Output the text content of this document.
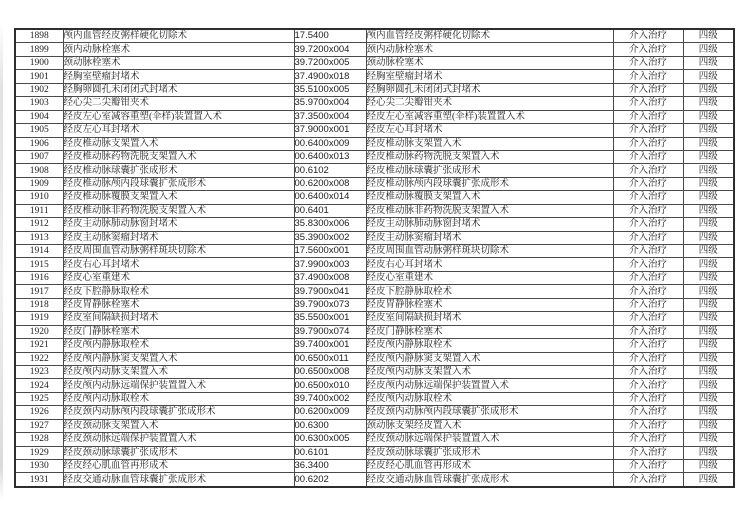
1898	颅内血管经皮粥样硬化切除术	17.5400	颅内血管经皮粥样硬化切除术	介入治疗	四级
1899	颈内动脉栓塞术	39.7200x004	颈内动脉栓塞术	介入治疗	四级
1900	颈动脉栓塞术	39.7200x005	颈动脉栓塞术	介入治疗	四级
1901	经胸室壁瘤封堵术	37.4900x018	经胸室壁瘤封堵术	介入治疗	四级
1902	经胸卵圆孔未闭闭式封堵术	35.5100x005	经胸卵圆孔未闭闭式封堵术	介入治疗	四级
1903	经心尖二尖瓣钳夹术	35.9700x004	经心尖二尖瓣钳夹术	介入治疗	四级
1904	经皮左心室减容重塑(伞样)装置置入术	37.3500x004	经皮左心室减容重塑(伞样)装置置入术	介入治疗	四级
1905	经皮左心耳封堵术	37.9000x001	经皮左心耳封堵术	介入治疗	四级
1906	经皮椎动脉支架置入术	00.6400x009	经皮椎动脉支架置入术	介入治疗	四级
1907	经皮椎动脉药物洗脱支架置入术	00.6400x013	经皮椎动脉药物洗脱支架置入术	介入治疗	四级
1908	经皮椎动脉球囊扩张成形术	00.6102	经皮椎动脉球囊扩张成形术	介入治疗	四级
1909	经皮椎动脉颅内段球囊扩张成形术	00.6200x008	经皮椎动脉颅内段球囊扩张成形术	介入治疗	四级
1910	经皮椎动脉覆膜支架置入术	00.6400x014	经皮椎动脉覆膜支架置入术	介入治疗	四级
1911	经皮椎动脉非药物洗脱支架置入术	00.6401	经皮椎动脉非药物洗脱支架置入术	介入治疗	四级
1912	经皮主动脉肺动脉窗封堵术	35.8300x006	经皮主动脉肺动脉窗封堵术	介入治疗	四级
1913	经皮主动脉窦瘤封堵术	35.3900x002	经皮主动脉窦瘤封堵术	介入治疗	四级
1914	经皮周围血管动脉粥样斑块切除术	17.5600x001	经皮周围血管动脉粥样斑块切除术	介入治疗	四级
1915	经皮右心耳封堵术	37.9900x003	经皮右心耳封堵术	介入治疗	四级
1916	经皮心室重建术	37.4900x008	经皮心室重建术	介入治疗	四级
1917	经皮下腔静脉取栓术	39.7900x041	经皮下腔静脉取栓术	介入治疗	四级
1918	经皮胃静脉栓塞术	39.7900x073	经皮胃静脉栓塞术	介入治疗	四级
1919	经皮室间隔缺损封堵术	35.5500x001	经皮室间隔缺损封堵术	介入治疗	四级
1920	经皮门静脉栓塞术	39.7900x074	经皮门静脉栓塞术	介入治疗	四级
1921	经皮颅内静脉取栓术	39.7400x001	经皮颅内静脉取栓术	介入治疗	四级
1922	经皮颅内静脉窦支架置入术	00.6500x011	经皮颅内静脉窦支架置入术	介入治疗	四级
1923	经皮颅内动脉支架置入术	00.6500x008	经皮颅内动脉支架置入术	介入治疗	四级
1924	经皮颅内动脉远端保护装置置入术	00.6500x010	经皮颅内动脉远端保护装置置入术	介入治疗	四级
1925	经皮颅内动脉取栓术	39.7400x002	经皮颅内动脉取栓术	介入治疗	四级
1926	经皮颈内动脉颅内段球囊扩张成形术	00.6200x009	经皮颈内动脉颅内段球囊扩张成形术	介入治疗	四级
1927	经皮颈动脉支架置入术	00.6300	颈动脉支架经皮置入术	介入治疗	四级
1928	经皮颈动脉远端保护装置置入术	00.6300x005	经皮颈动脉远端保护装置置入术	介入治疗	四级
1929	经皮颈动脉球囊扩张成形术	00.6101	经皮颈动脉球囊扩张成形术	介入治疗	四级
1930	经皮经心肌血管再形成术	36.3400	经皮经心肌血管再形成术	介入治疗	四级
1931	经皮交通动脉血管球囊扩张成形术	00.6202	经皮交通动脉血管球囊扩张成形术	介入治疗	四级
